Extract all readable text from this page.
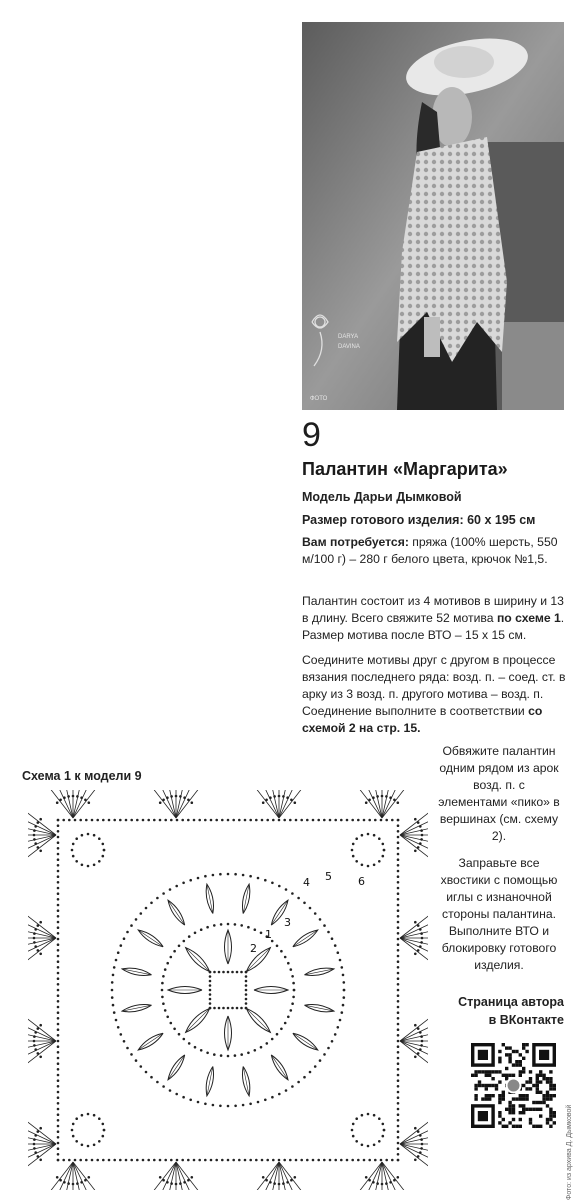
DARYA
DAVINA
ФОТО
Фото: из архива Д. Дымковой
9
Палантин «Маргарита»
Модель Дарьи Дымковой
Размер готового изделия: 60 х 195 см

Вам потребуется: пряжа (100% шерсть, 550 м/100 г) – 280 г белого цвета, крючок №1,5.

Палантин состоит из 4 мотивов в ширину и 13 в длину. Всего свяжите 52 мотива по схеме 1. Размер мотива после ВТО – 15 х 15 см.

Соедините мотивы друг с другом в процессе вязания последнего ряда: возд. п. – соед. ст. в арку из 3 возд. п. другого мотива – возд. п. Соединение выполните в соответствии со схемой 2 на стр. 15.

Обвяжите палантин одним рядом из арок возд. п. с элементами «пико» в вершинах (см. схему 2).

Заправьте все хвостики с помощью иглы с изнаночной стороны палантина. Выполните ВТО и блокировку готового изделия.

Схема 1 к модели 9
1
2
3
4 5 6
Страница автора
в ВКонтакте
